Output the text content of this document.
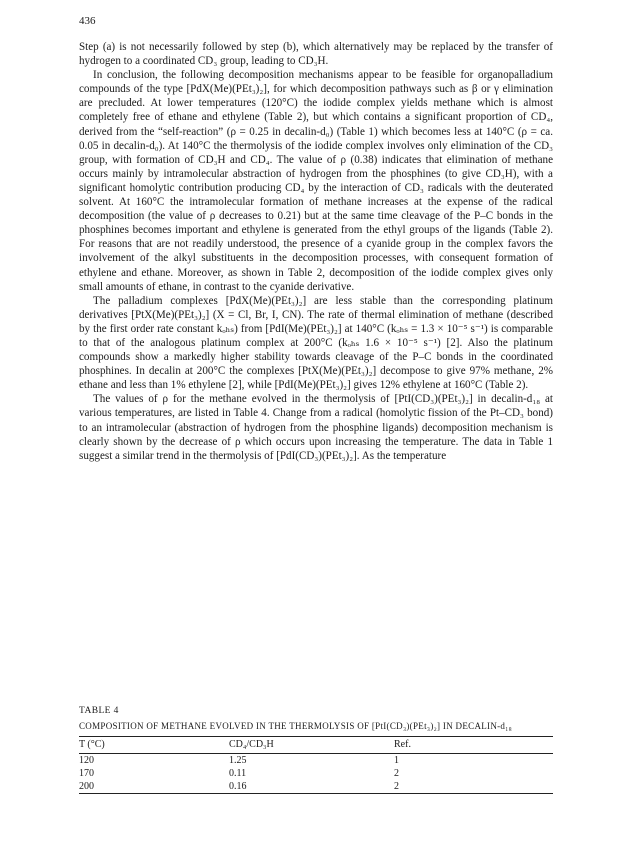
436

Step (a) is not necessarily followed by step (b), which alternatively may be replaced by the transfer of hydrogen to a coordinated CD₃ group, leading to CD₃H.

In conclusion, the following decomposition mechanisms appear to be feasible for organopalladium compounds of the type [PdX(Me)(PEt₃)₂], for which decomposition pathways such as β or γ elimination are precluded. At lower temperatures (120°C) the iodide complex yields methane which is almost completely free of ethane and ethylene (Table 2), but which contains a significant proportion of CD₄, derived from the “self-reaction” (ρ = 0.25 in decalin-d₀) (Table 1) which becomes less at 140°C (ρ = ca. 0.05 in decalin-d₀). At 140°C the thermolysis of the iodide complex involves only elimination of the CD₃ group, with formation of CD₃H and CD₄. The value of ρ (0.38) indicates that elimination of methane occurs mainly by intramolecular abstraction of hydrogen from the phosphines (to give CD₃H), with a significant homolytic contribution producing CD₄ by the interaction of CD₃ radicals with the deuterated solvent. At 160°C the intramolecular formation of methane increases at the expense of the radical decomposition (the value of ρ decreases to 0.21) but at the same time cleavage of the P–C bonds in the phosphines becomes important and ethylene is generated from the ethyl groups of the ligands (Table 2). For reasons that are not readily understood, the presence of a cyanide group in the complex favors the involvement of the alkyl substituents in the decomposition processes, with consequent formation of ethylene and ethane. Moreover, as shown in Table 2, decomposition of the iodide complex gives only small amounts of ethane, in contrast to the cyanide derivative.

The palladium complexes [PdX(Me)(PEt₃)₂] are less stable than the corresponding platinum derivatives [PtX(Me)(PEt₃)₂] (X = Cl, Br, I, CN). The rate of thermal elimination of methane (described by the first order rate constant kₒₕₛ) from [PdI(Me)(PEt₃)₂] at 140°C (kₒₕₛ = 1.3 × 10⁻⁵ s⁻¹) is comparable to that of the analogous platinum complex at 200°C (kₒₕₛ 1.6 × 10⁻⁵ s⁻¹) [2]. Also the platinum compounds show a markedly higher stability towards cleavage of the P–C bonds in the coordinated phosphines. In decalin at 200°C the complexes [PtX(Me)(PEt₃)₂] decompose to give 97% methane, 2% ethane and less than 1% ethylene [2], while [PdI(Me)(PEt₃)₂] gives 12% ethylene at 160°C (Table 2).

The values of ρ for the methane evolved in the thermolysis of [PtI(CD₃)(PEt₃)₂] in decalin-d₁₈ at various temperatures, are listed in Table 4. Change from a radical (homolytic fission of the Pt–CD₃ bond) to an intramolecular (abstraction of hydrogen from the phosphine ligands) decomposition mechanism is clearly shown by the decrease of ρ which occurs upon increasing the temperature. The data in Table 1 suggest a similar trend in the thermolysis of [PdI(CD₃)(PEt₃)₂]. As the temperature

TABLE 4
COMPOSITION OF METHANE EVOLVED IN THE THERMOLYSIS OF [PtI(CD₃)(PEt₃)₂] IN DECALIN-d₁₈
T (°C)	CD₄/CD₃H	Ref.
120	1.25	1
170	0.11	2
200	0.16	2
